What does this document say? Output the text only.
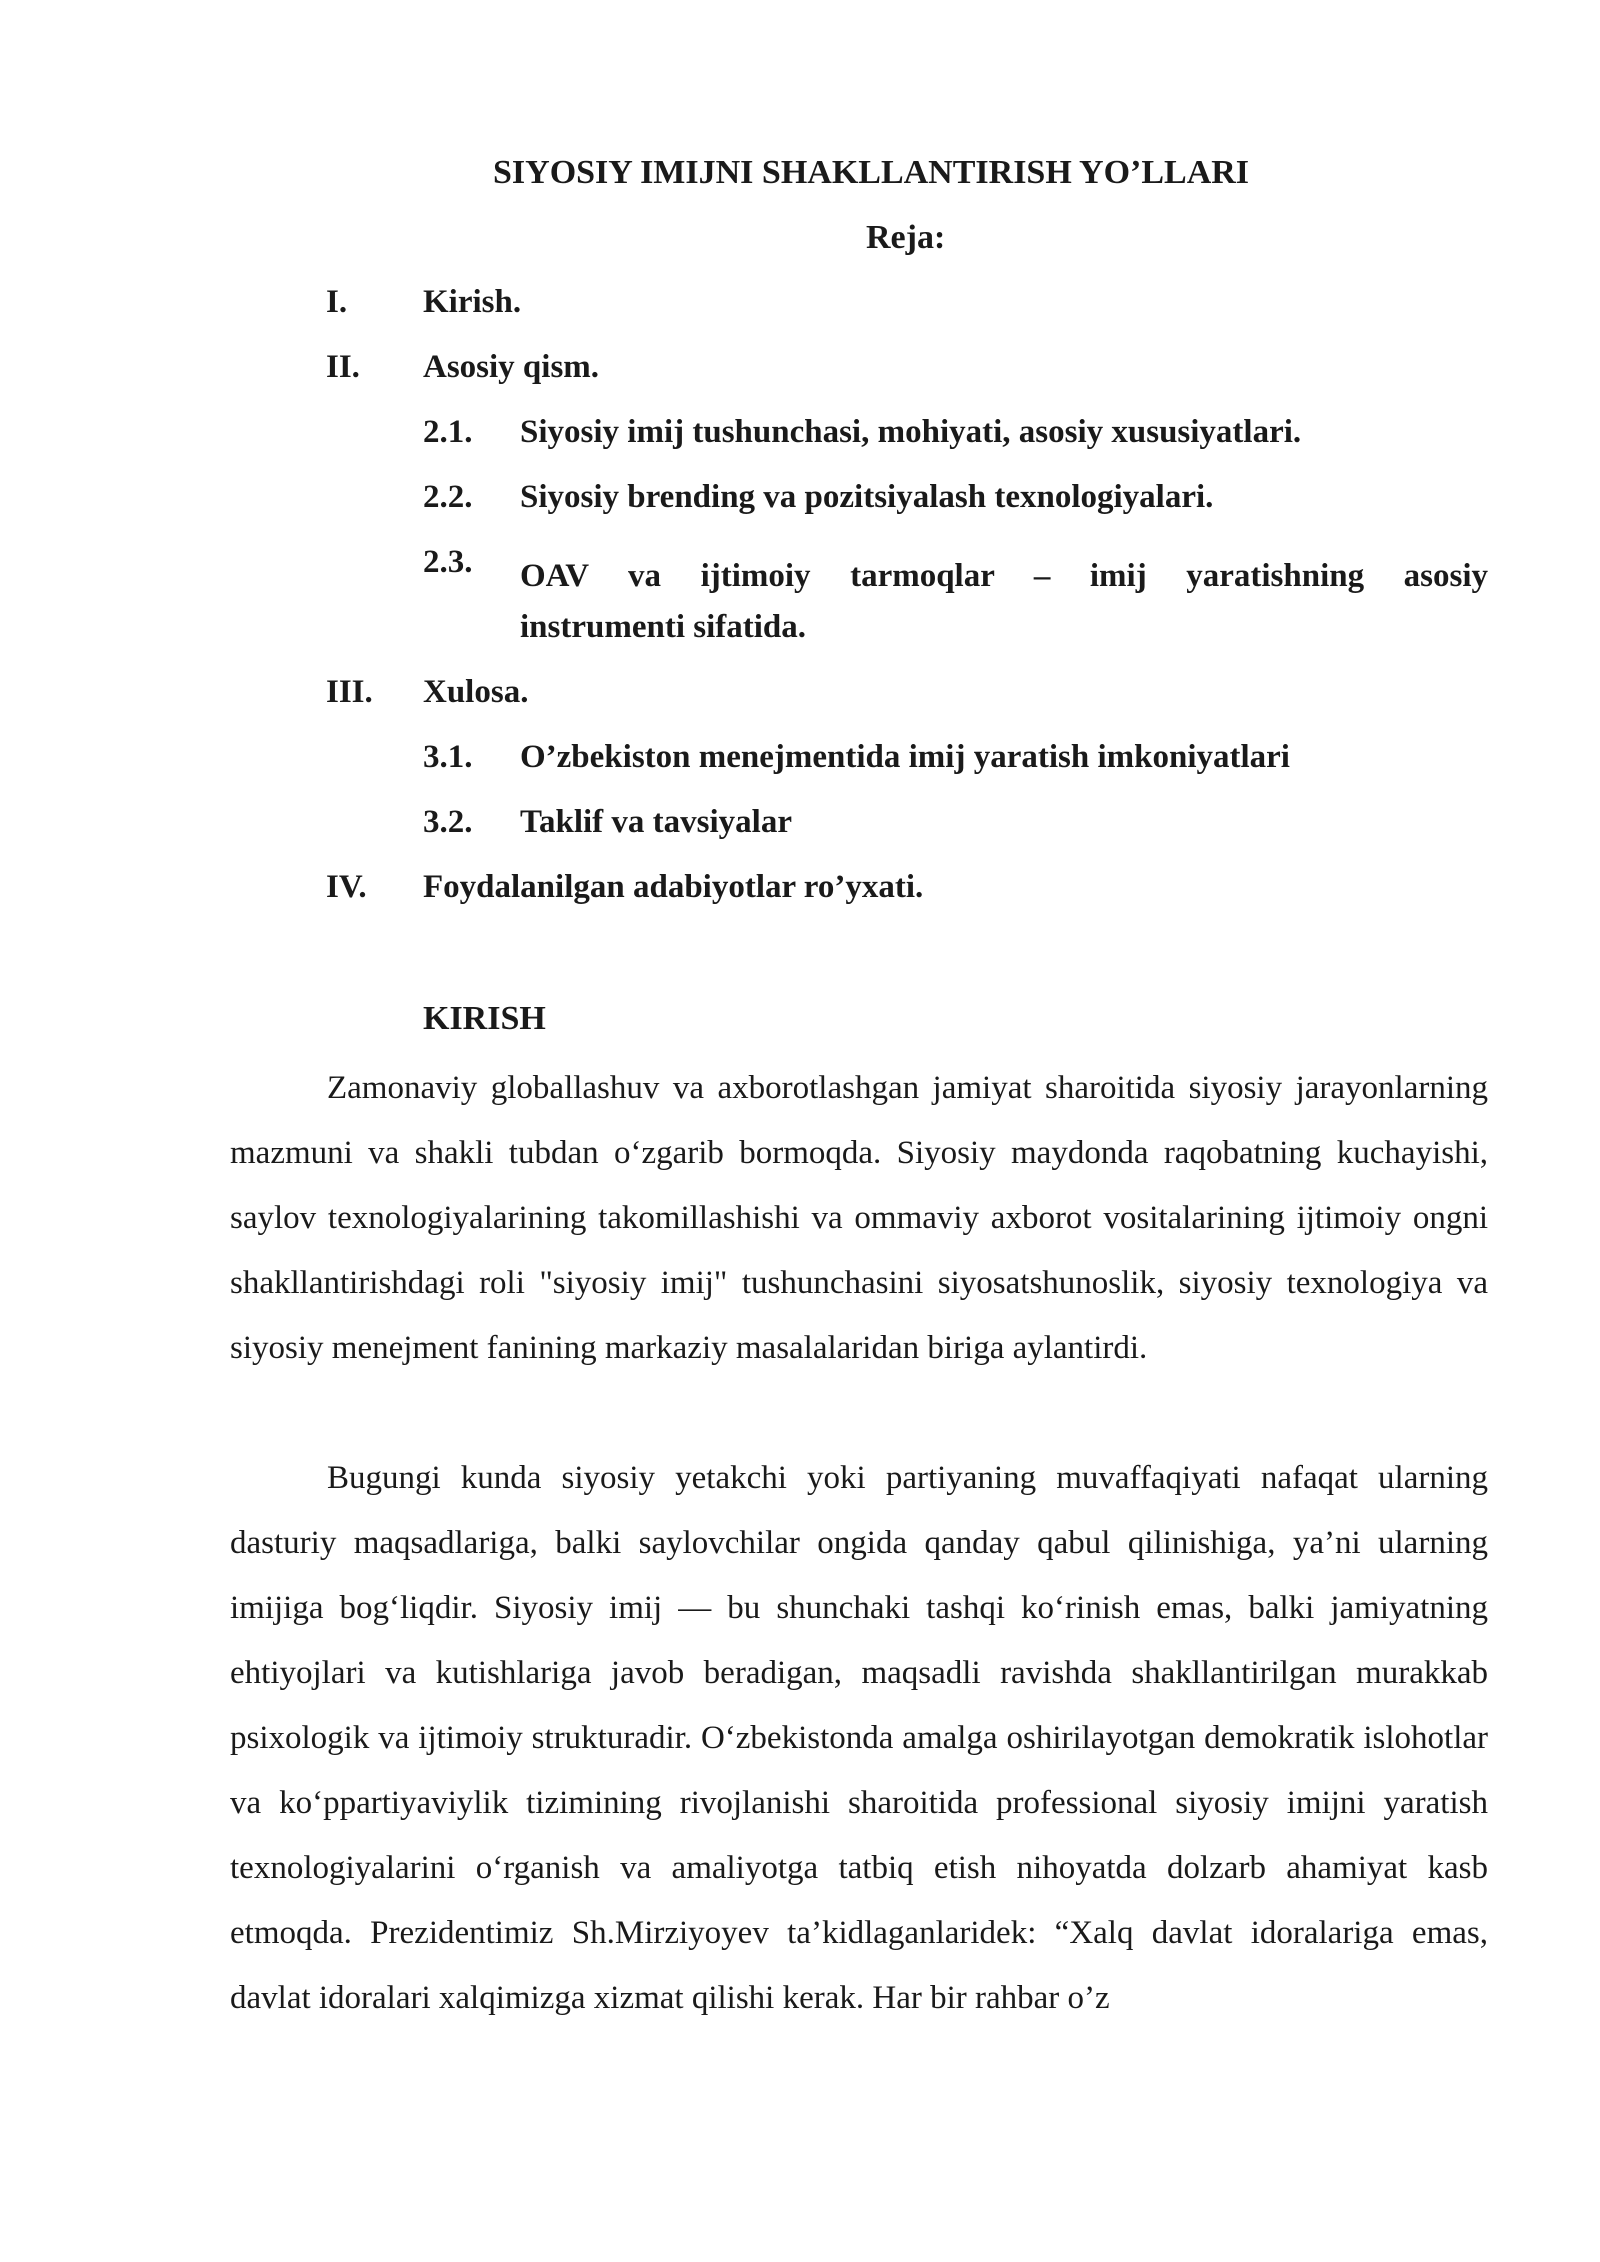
SIYOSIY IMIJNI SHAKLLANTIRISH YO’LLARI
Reja:
I. Kirish.
II. Asosiy qism.
2.1. Siyosiy imij tushunchasi, mohiyati, asosiy xususiyatlari.
2.2. Siyosiy brending va pozitsiyalash texnologiyalari.
2.3. OAV va ijtimoiy tarmoqlar – imij yaratishning asosiy
instrumenti sifatida.
III. Xulosa.
3.1. O’zbekiston menejmentida imij yaratish imkoniyatlari
3.2. Taklif va tavsiyalar
IV. Foydalanilgan adabiyotlar ro’yxati.
KIRISH

Zamonaviy globallashuv va axborotlashgan jamiyat sharoitida siyosiy jarayonlarning mazmuni va shakli tubdan oʻzgarib bormoqda. Siyosiy maydonda raqobatning kuchayishi, saylov texnologiyalarining takomillashishi va ommaviy axborot vositalarining ijtimoiy ongni shakllantirishdagi roli "siyosiy imij" tushunchasini siyosatshunoslik, siyosiy texnologiya va siyosiy menejment fanining markaziy masalalaridan biriga aylantirdi.

Bugungi kunda siyosiy yetakchi yoki partiyaning muvaffaqiyati nafaqat ularning dasturiy maqsadlariga, balki saylovchilar ongida qanday qabul qilinishiga, ya’ni ularning imijiga bogʻliqdir. Siyosiy imij — bu shunchaki tashqi koʻrinish emas, balki jamiyatning ehtiyojlari va kutishlariga javob beradigan, maqsadli ravishda shakllantirilgan murakkab psixologik va ijtimoiy strukturadir. Oʻzbekistonda amalga oshirilayotgan demokratik islohotlar va koʻppartiyaviylik tizimining rivojlanishi sharoitida professional siyosiy imijni yaratish texnologiyalarini oʻrganish va amaliyotga tatbiq etish nihoyatda dolzarb ahamiyat kasb etmoqda. Prezidentimiz Sh.Mirziyoyev ta’kidlaganlaridek: “Xalq davlat idoralariga emas, davlat idoralari xalqimizga xizmat qilishi kerak. Har bir rahbar o’z
